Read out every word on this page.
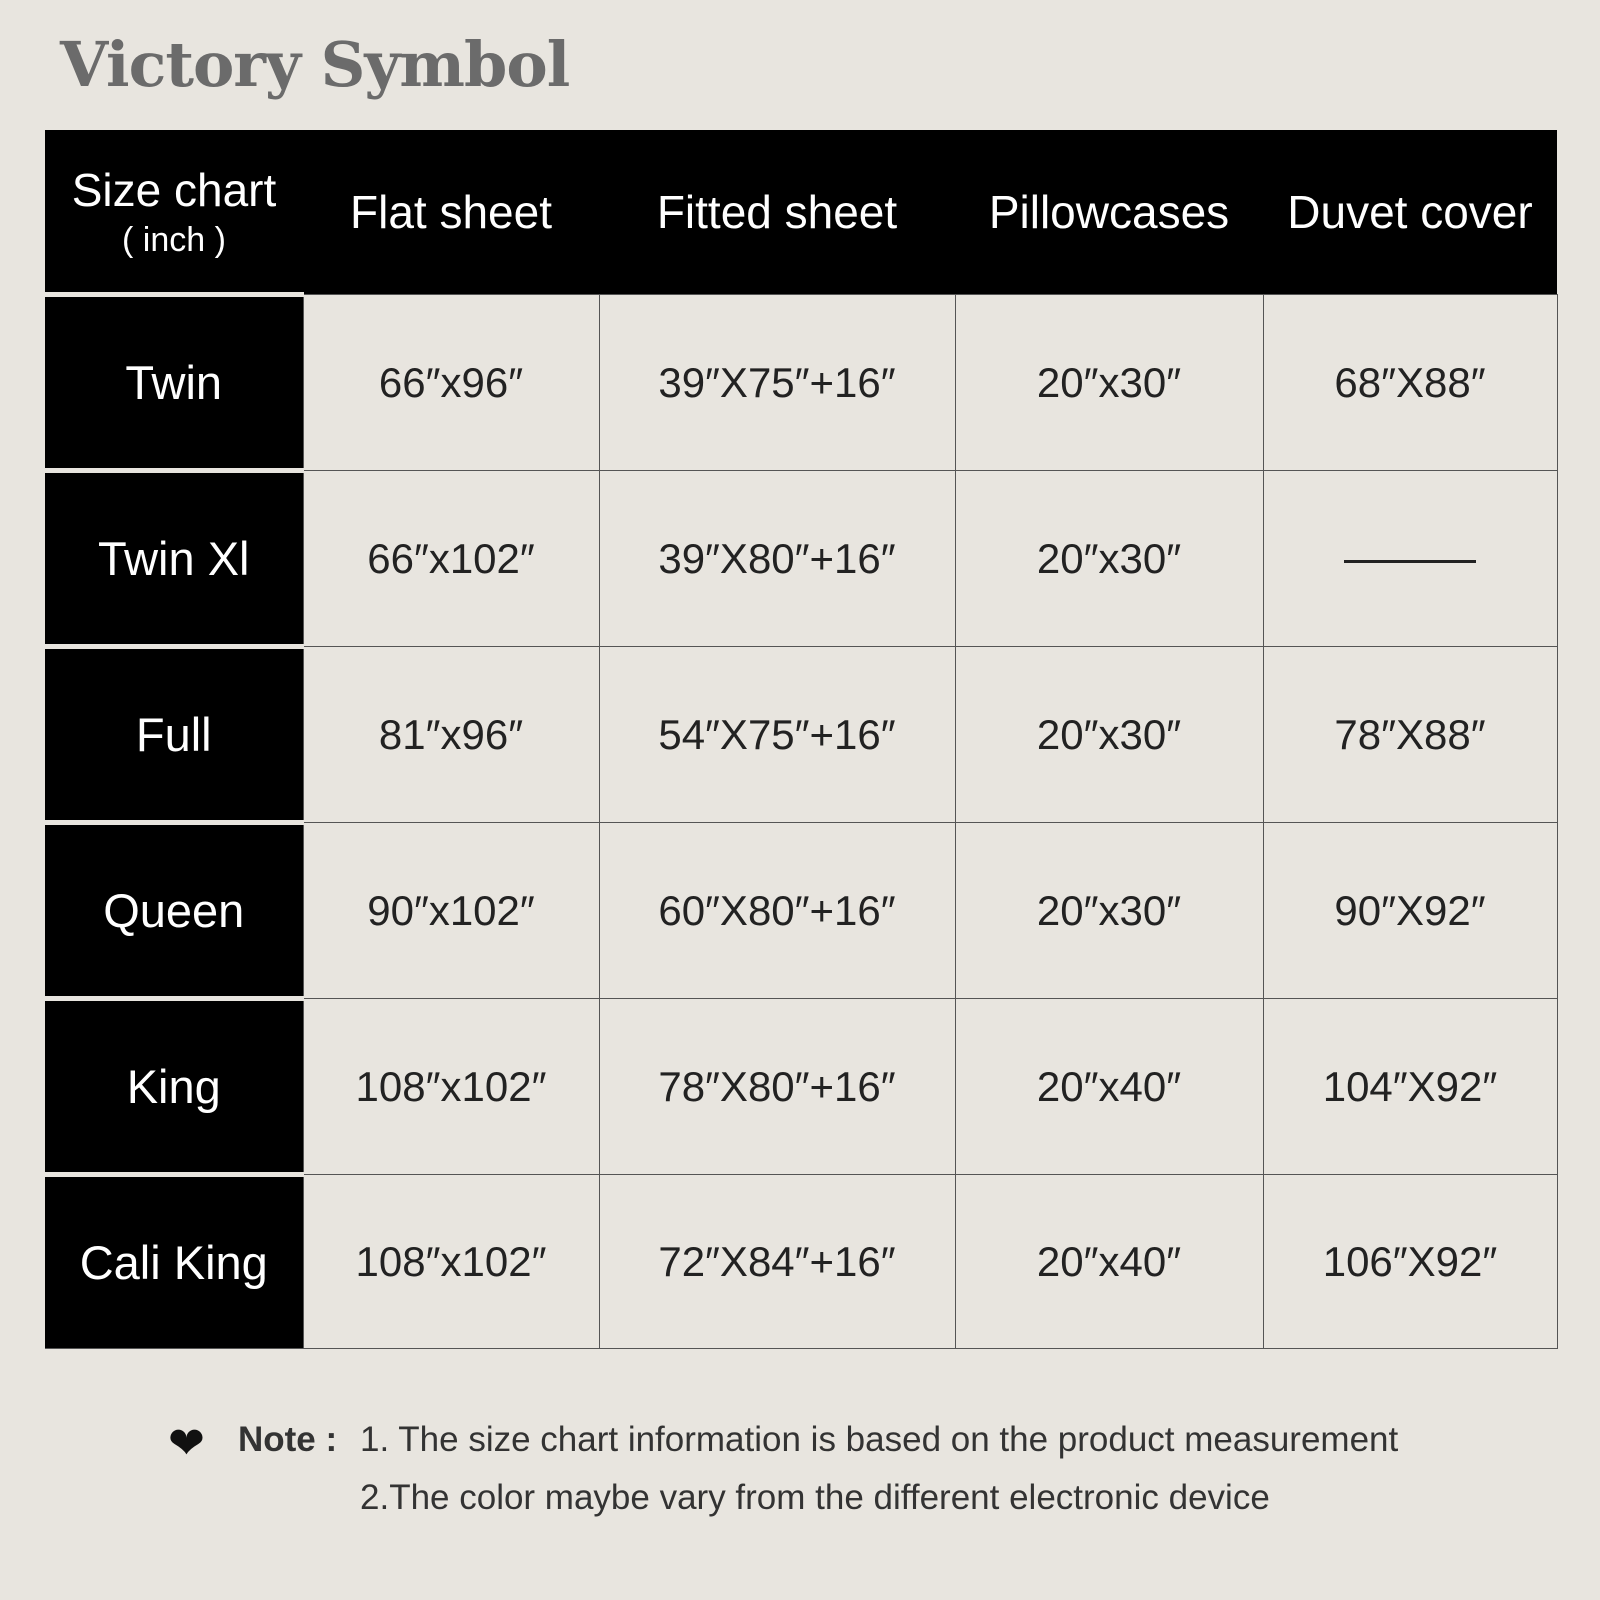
Victory Symbol
Size chart
( inch )	Flat sheet	Fitted sheet	Pillowcases	Duvet cover
Twin	66″x96″	39″X75″+16″	20″x30″	68″X88″
Twin Xl	66″x102″	39″X80″+16″	20″x30″	
Full	81″x96″	54″X75″+16″	20″x30″	78″X88″
Queen	90″x102″	60″X80″+16″	20″x30″	90″X92″
King	108″x102″	78″X80″+16″	20″x40″	104″X92″
Cali King	108″x102″	72″X84″+16″	20″x40″	106″X92″
❤ Note : 1. The size chart information is based on the product measurement
2.The color maybe vary from the different electronic device
